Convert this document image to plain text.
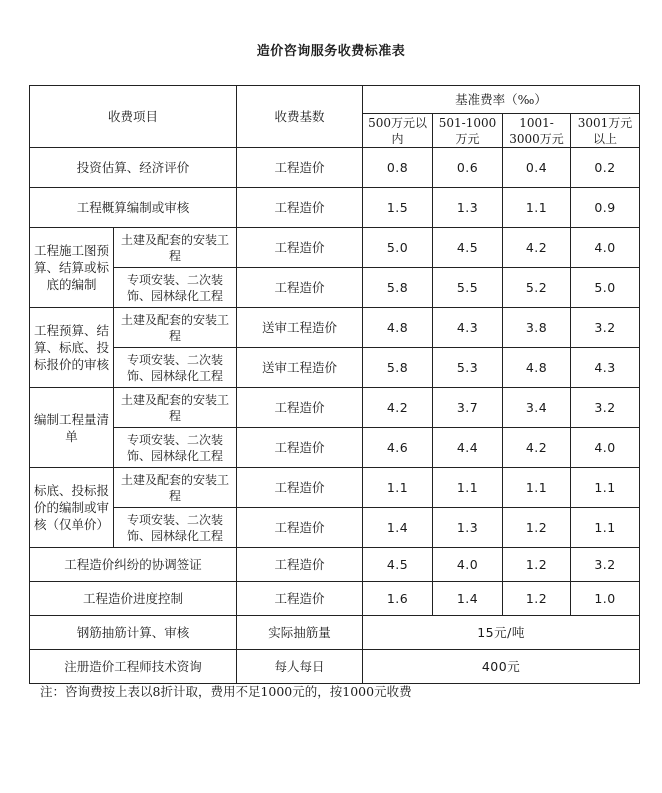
造价咨询服务收费标准表
收费项目		收费基数	基准费率（‰）			
			500万元以内	501-1000万元	1001-3000万元	3001万元以上
投资估算、经济评价		工程造价	0.8	0.6	0.4	0.2
工程概算编制或审核		工程造价	1.5	1.3	1.1	0.9
工程施工图预算、结算或标底的编制	土建及配套的安装工程	工程造价	5.0	4.5	4.2	4.0
	专项安装、二次装饰、园林绿化工程	工程造价	5.8	5.5	5.2	5.0
工程预算、结算、标底、投标报价的审核	土建及配套的安装工程	送审工程造价	4.8	4.3	3.8	3.2
	专项安装、二次装饰、园林绿化工程	送审工程造价	5.8	5.3	4.8	4.3
编制工程量清单	土建及配套的安装工程	工程造价	4.2	3.7	3.4	3.2
	专项安装、二次装饰、园林绿化工程	工程造价	4.6	4.4	4.2	4.0
标底、投标报价的编制或审核（仅单价）	土建及配套的安装工程	工程造价	1.1	1.1	1.1	1.1
	专项安装、二次装饰、园林绿化工程	工程造价	1.4	1.3	1.2	1.1
工程造价纠纷的协调签证		工程造价	4.5	4.0	1.2	3.2
工程造价进度控制		工程造价	1.6	1.4	1.2	1.0
钢筋抽筋计算、审核		实际抽筋量	15元/吨			
注册造价工程师技术资询		每人每日	400元			
注：咨询费按上表以8折计取，费用不足1000元的，按1000元收费
